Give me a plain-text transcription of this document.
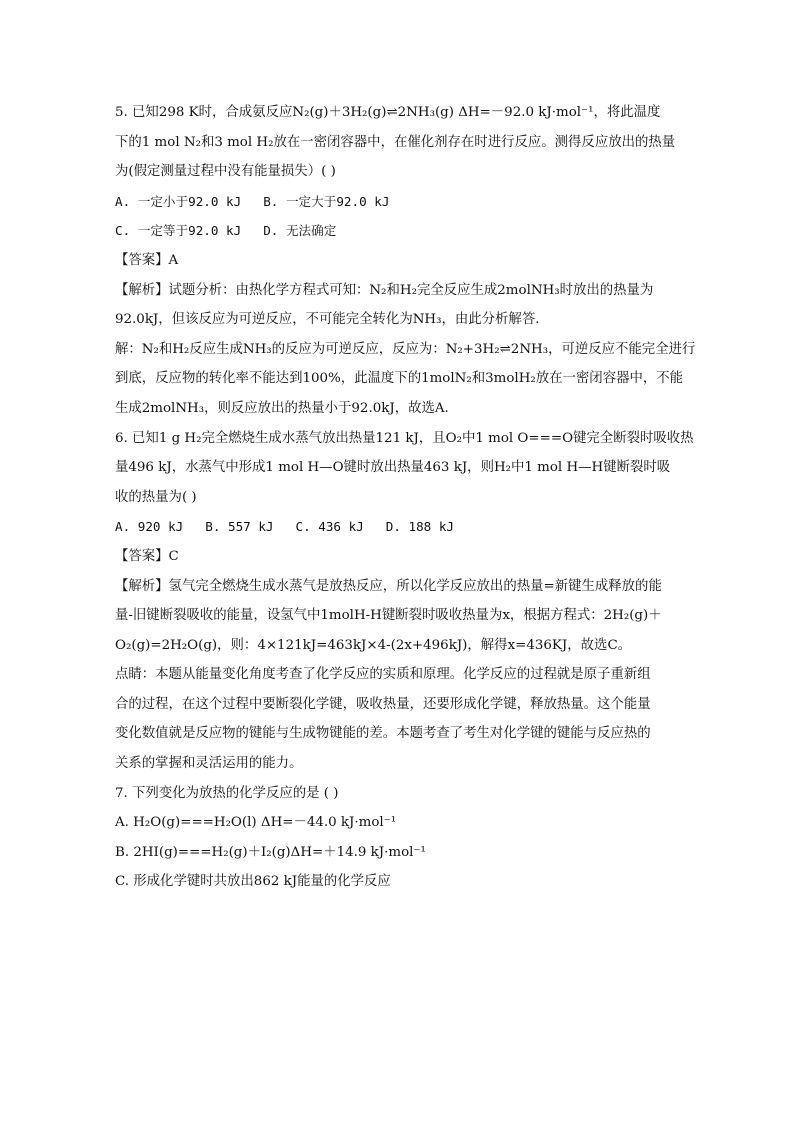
5. 已知298 K时，合成氨反应N₂(g)＋3H₂(g)⇌2NH₃(g) ΔH=－92.0 kJ·mol⁻¹，将此温度
下的1 mol N₂和3 mol H₂放在一密闭容器中，在催化剂存在时进行反应。测得反应放出的热量
为(假定测量过程中没有能量损失）( )
A. 一定小于92.0 kJ B. 一定大于92.0 kJ
C. 一定等于92.0 kJ D. 无法确定
【答案】A
【解析】试题分析：由热化学方程式可知：N₂和H₂完全反应生成2molNH₃时放出的热量为
92.0kJ，但该反应为可逆反应，不可能完全转化为NH₃，由此分析解答.
解：N₂和H₂反应生成NH₃的反应为可逆反应，反应为：N₂+3H₂⇌2NH₃，可逆反应不能完全进行
到底，反应物的转化率不能达到100%，此温度下的1molN₂和3molH₂放在一密闭容器中，不能
生成2molNH₃，则反应放出的热量小于92.0kJ，故选A.
6. 已知1 g H₂完全燃烧生成水蒸气放出热量121 kJ，且O₂中1 mol O===O键完全断裂时吸收热
量496 kJ，水蒸气中形成1 mol H—O键时放出热量463 kJ，则H₂中1 mol H—H键断裂时吸
收的热量为( )
A. 920 kJ B. 557 kJ C. 436 kJ D. 188 kJ
【答案】C
【解析】氢气完全燃烧生成水蒸气是放热反应，所以化学反应放出的热量=新键生成释放的能
量-旧键断裂吸收的能量，设氢气中1molH-H键断裂时吸收热量为x，根据方程式：2H₂(g)＋
O₂(g)=2H₂O(g)，则：4×121kJ=463kJ×4-(2x+496kJ)，解得x=436KJ，故选C。
点睛：本题从能量变化角度考查了化学反应的实质和原理。化学反应的过程就是原子重新组
合的过程，在这个过程中要断裂化学键，吸收热量，还要形成化学键，释放热量。这个能量
变化数值就是反应物的键能与生成物键能的差。本题考查了考生对化学键的键能与反应热的
关系的掌握和灵活运用的能力。
7. 下列变化为放热的化学反应的是 ( )
A. H₂O(g)===H₂O(l) ΔH=－44.0 kJ·mol⁻¹
B. 2HI(g)===H₂(g)＋I₂(g)ΔH=＋14.9 kJ·mol⁻¹
C. 形成化学键时共放出862 kJ能量的化学反应
